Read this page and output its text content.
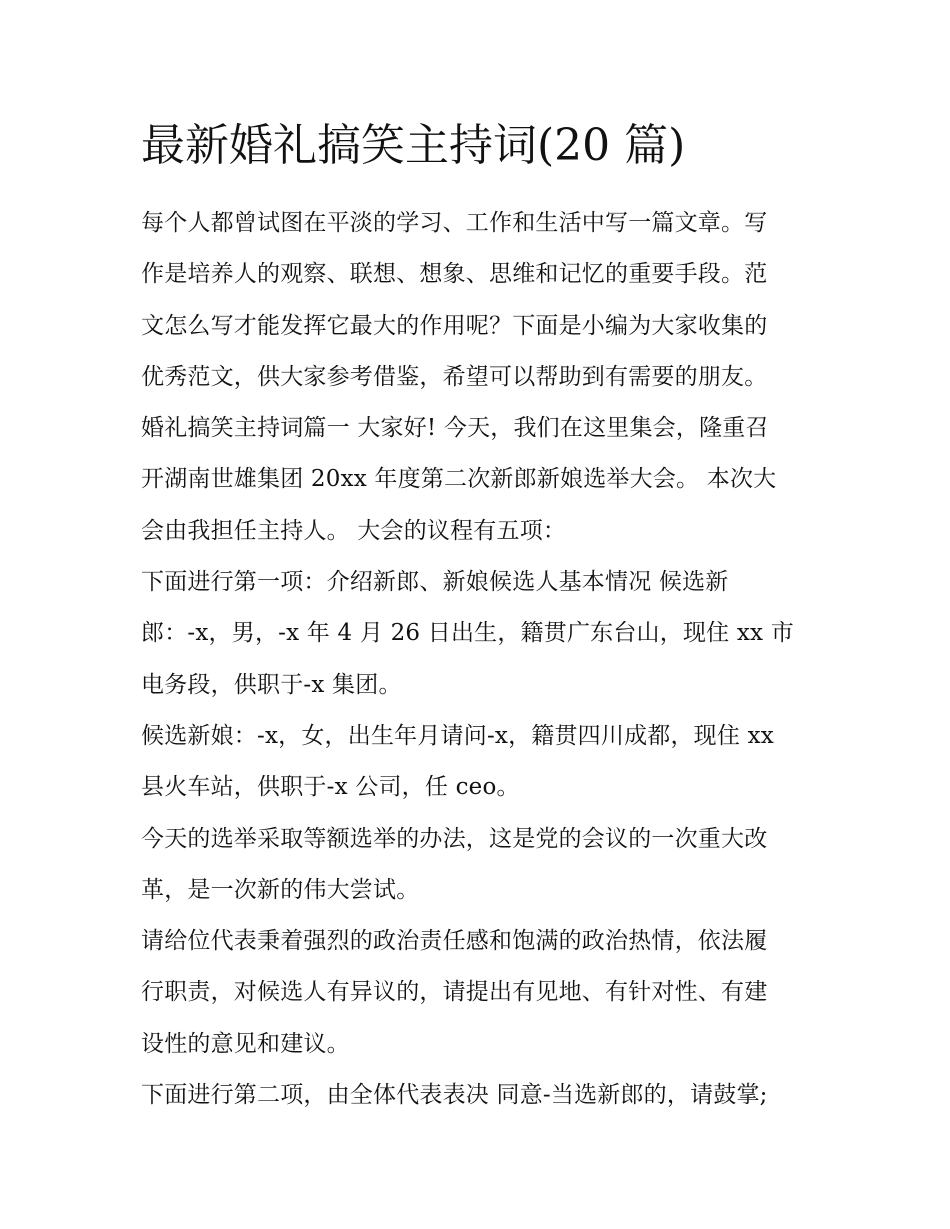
最新婚礼搞笑主持词(20 篇)
每个人都曾试图在平淡的学习、工作和生活中写一篇文章。写
作是培养人的观察、联想、想象、思维和记忆的重要手段。范
文怎么写才能发挥它最大的作用呢？下面是小编为大家收集的
优秀范文，供大家参考借鉴，希望可以帮助到有需要的朋友。
婚礼搞笑主持词篇一 大家好! 今天，我们在这里集会，隆重召
开湖南世雄集团 20xx 年度第二次新郎新娘选举大会。 本次大
会由我担任主持人。 大会的议程有五项：
下面进行第一项：介绍新郎、新娘候选人基本情况 候选新
郎：-x，男，-x 年 4 月 26 日出生，籍贯广东台山，现住 xx 市
电务段，供职于-x 集团。
候选新娘：-x，女，出生年月请问-x，籍贯四川成都，现住 xx
县火车站，供职于-x 公司，任 ceo。
今天的选举采取等额选举的办法，这是党的会议的一次重大改
革，是一次新的伟大尝试。
请给位代表秉着强烈的政治责任感和饱满的政治热情，依法履
行职责，对候选人有异议的，请提出有见地、有针对性、有建
设性的意见和建议。
下面进行第二项，由全体代表表决 同意-当选新郎的，请鼓掌;
